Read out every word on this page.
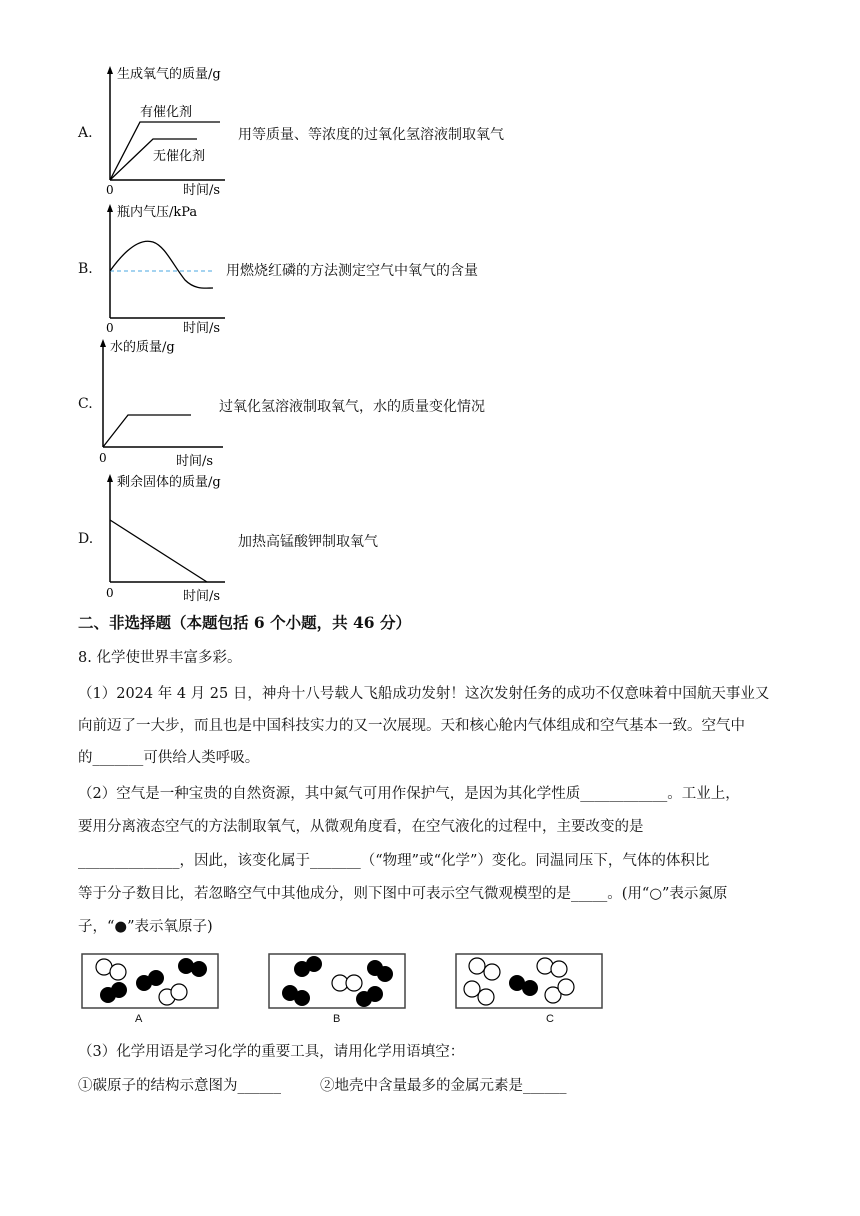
A.
生成氧气的质量/g
有催化剂
无催化剂
0	时间/s
用等质量、等浓度的过氧化氢溶液制取氧气
B.
瓶内气压/kPa
0	时间/s
用燃烧红磷的方法测定空气中氧气的含量
C.
水的质量/g
0	时间/s
过氧化氢溶液制取氧气，水的质量变化情况
D.
剩余固体的质量/g
0	时间/s
加热高锰酸钾制取氧气
二、非选择题（本题包括 6 个小题，共 46 分）
8. 化学使世界丰富多彩。
（1）2024 年 4 月 25 日，神舟十八号载人飞船成功发射！这次发射任务的成功不仅意味着中国航天事业又
向前迈了一大步，而且也是中国科技实力的又一次展现。天和核心舱内气体组成和空气基本一致。空气中
的_______可供给人类呼吸。
（2）空气是一种宝贵的自然资源，其中氮气可用作保护气，是因为其化学性质____________。工业上，
要用分离液态空气的方法制取氧气，从微观角度看，在空气液化的过程中，主要改变的是
______________，因此，该变化属于_______（“物理”或“化学”）变化。同温同压下，气体的体积比
等于分子数目比，若忽略空气中其他成分，则下图中可表示空气微观模型的是_____。(用“○”表示氮原
子，“●”表示氧原子)
A	B	C
（3）化学用语是学习化学的重要工具，请用化学用语填空：
①碳原子的结构示意图为______	②地壳中含量最多的金属元素是______
